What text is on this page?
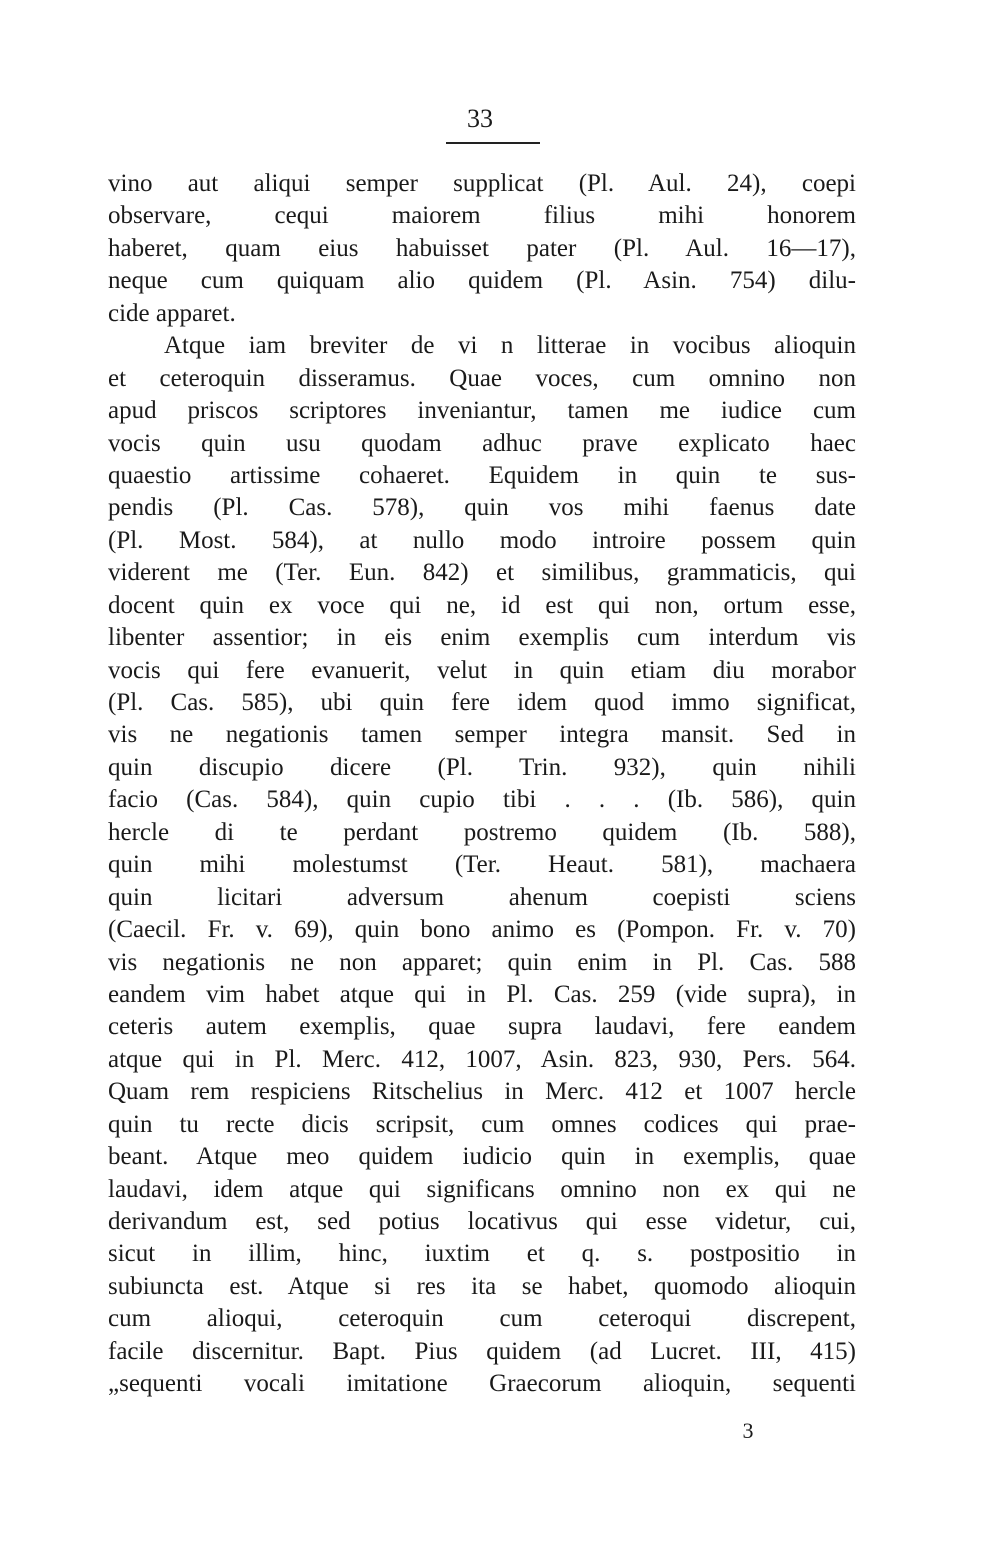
33
vino aut aliqui semper supplicat (Pl. Aul. 24), coepi
observare, cequi maiorem filius mihi honorem
haberet, quam eius habuisset pater (Pl. Aul. 16—17),
neque cum quiquam alio quidem (Pl. Asin. 754) dilu-
cide apparet.
Atque iam breviter de vi n litterae in vocibus alioquin
et ceteroquin disseramus. Quae voces, cum omnino non
apud priscos scriptores inveniantur, tamen me iudice cum
vocis quin usu quodam adhuc prave explicato haec
quaestio artissime cohaeret. Equidem in quin te sus-
pendis (Pl. Cas. 578), quin vos mihi faenus date
(Pl. Most. 584), at nullo modo introire possem quin
viderent me (Ter. Eun. 842) et similibus, grammaticis, qui
docent quin ex voce qui ne, id est qui non, ortum esse,
libenter assentior; in eis enim exemplis cum interdum vis
vocis qui fere evanuerit, velut in quin etiam diu morabor
(Pl. Cas. 585), ubi quin fere idem quod immo significat,
vis ne negationis tamen semper integra mansit. Sed in
quin discupio dicere (Pl. Trin. 932), quin nihili
facio (Cas. 584), quin cupio tibi . . . (Ib. 586), quin
hercle di te perdant postremo quidem (Ib. 588),
quin mihi molestumst (Ter. Heaut. 581), machaera
quin licitari adversum ahenum coepisti sciens
(Caecil. Fr. v. 69), quin bono animo es (Pompon. Fr. v. 70)
vis negationis ne non apparet; quin enim in Pl. Cas. 588
eandem vim habet atque qui in Pl. Cas. 259 (vide supra), in
ceteris autem exemplis, quae supra laudavi, fere eandem
atque qui in Pl. Merc. 412, 1007, Asin. 823, 930, Pers. 564.
Quam rem respiciens Ritschelius in Merc. 412 et 1007 hercle
quin tu recte dicis scripsit, cum omnes codices qui prae-
beant. Atque meo quidem iudicio quin in exemplis, quae
laudavi, idem atque qui significans omnino non ex qui ne
derivandum est, sed potius locativus qui esse videtur, cui,
sicut in illim, hinc, iuxtim et q. s. postpositio in
subiuncta est. Atque si res ita se habet, quomodo alioquin
cum alioqui, ceteroquin cum ceteroqui discrepent,
facile discernitur. Bapt. Pius quidem (ad Lucret. III, 415)
„sequenti vocali imitatione Graecorum alioquin, sequenti
3
